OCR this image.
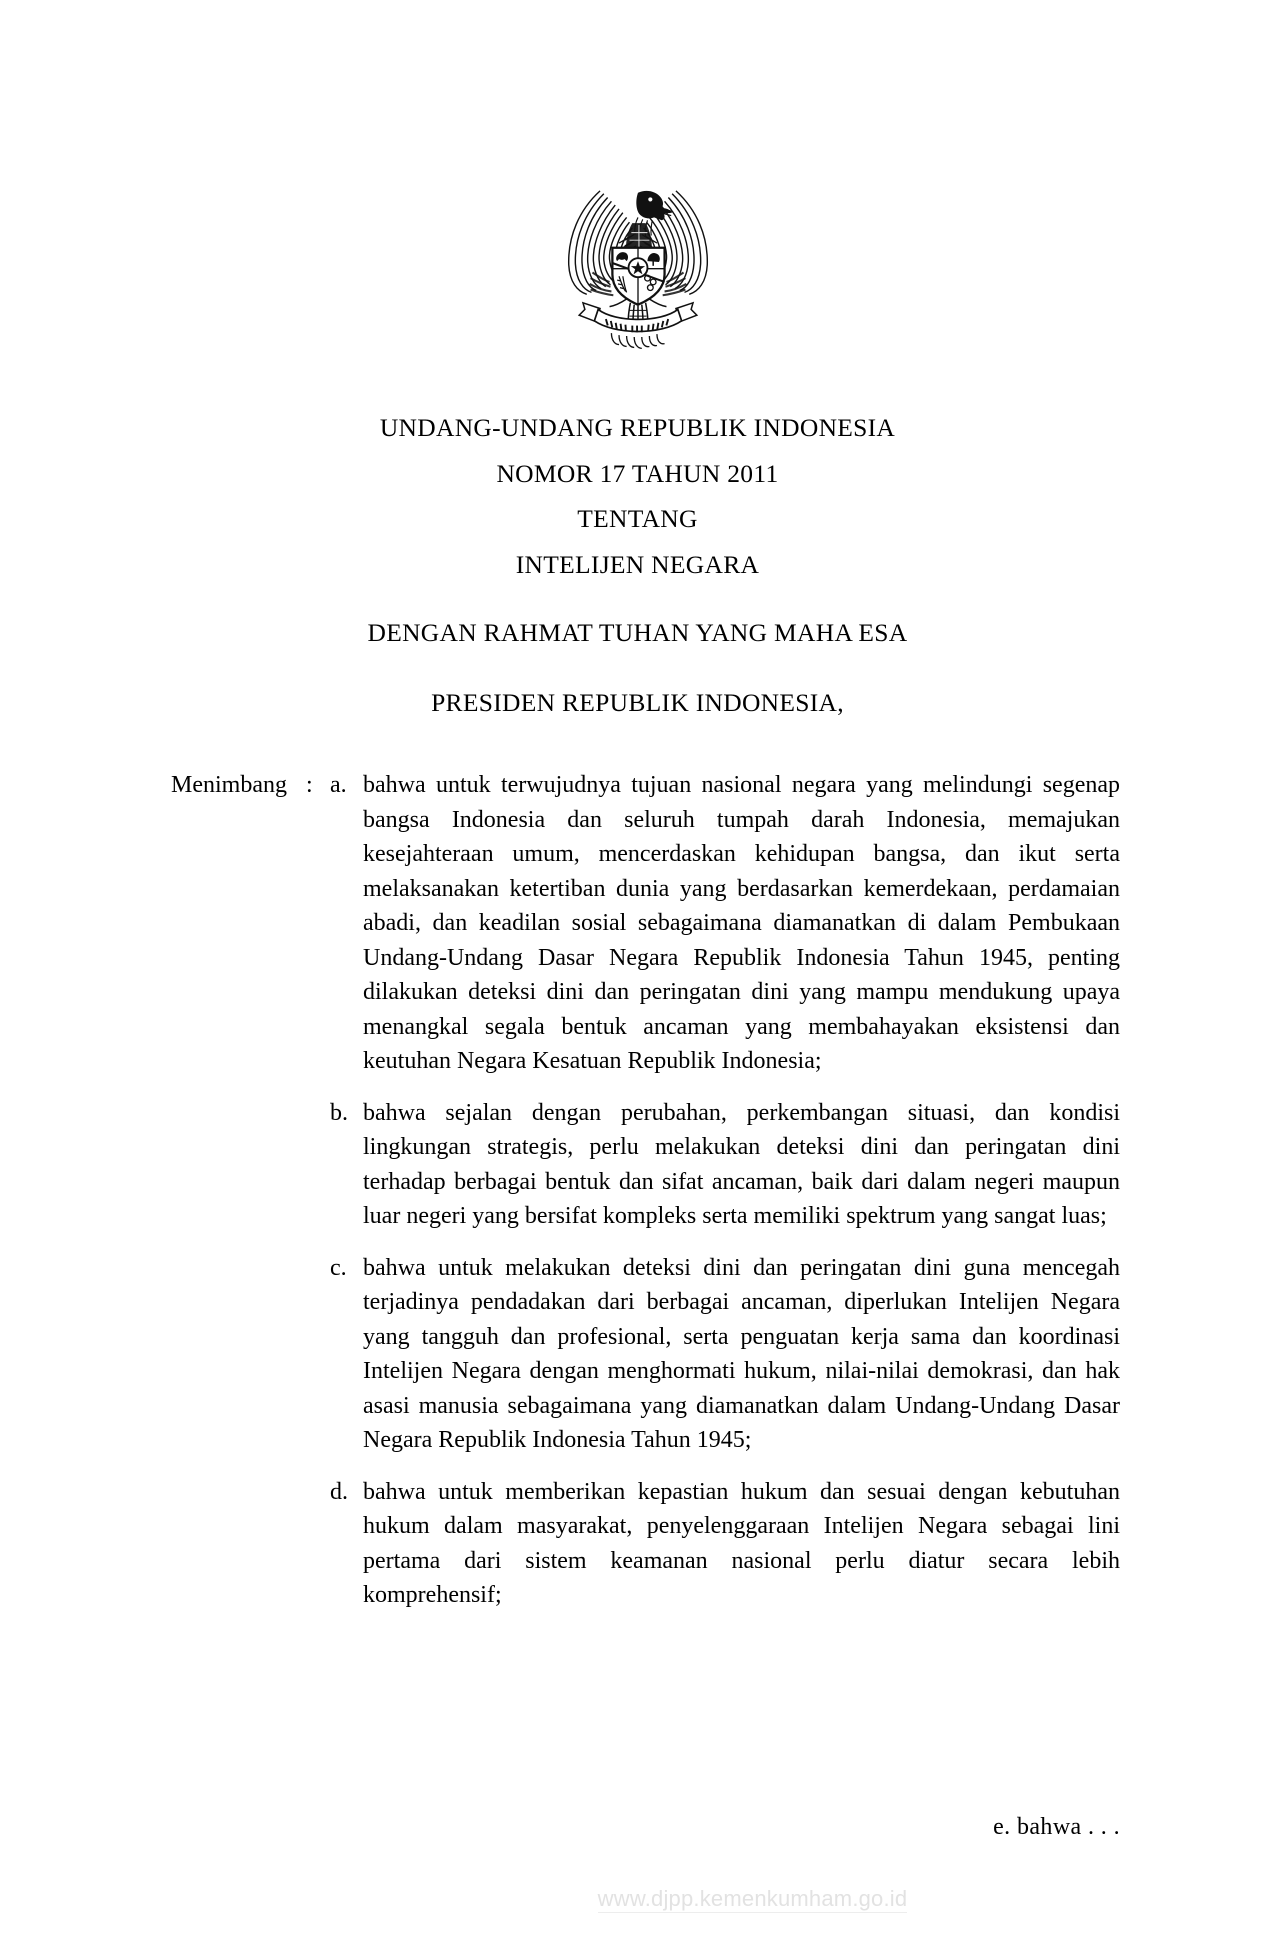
UNDANG-UNDANG REPUBLIK INDONESIA
NOMOR 17 TAHUN 2011
TENTANG
INTELIJEN NEGARA
DENGAN RAHMAT TUHAN YANG MAHA ESA
PRESIDEN REPUBLIK INDONESIA,
Menimbang : a. bahwa untuk terwujudnya tujuan nasional negara yang melindungi segenap bangsa Indonesia dan seluruh tumpah darah Indonesia, memajukan kesejahteraan umum, mencerdaskan kehidupan bangsa, dan ikut serta melaksanakan ketertiban dunia yang berdasarkan kemerdekaan, perdamaian abadi, dan keadilan sosial sebagaimana diamanatkan di dalam Pembukaan Undang-Undang Dasar Negara Republik Indonesia Tahun 1945, penting dilakukan deteksi dini dan peringatan dini yang mampu mendukung upaya menangkal segala bentuk ancaman yang membahayakan eksistensi dan keutuhan Negara Kesatuan Republik Indonesia;
b. bahwa sejalan dengan perubahan, perkembangan situasi, dan kondisi lingkungan strategis, perlu melakukan deteksi dini dan peringatan dini terhadap berbagai bentuk dan sifat ancaman, baik dari dalam negeri maupun luar negeri yang bersifat kompleks serta memiliki spektrum yang sangat luas;
c. bahwa untuk melakukan deteksi dini dan peringatan dini guna mencegah terjadinya pendadakan dari berbagai ancaman, diperlukan Intelijen Negara yang tangguh dan profesional, serta penguatan kerja sama dan koordinasi Intelijen Negara dengan menghormati hukum, nilai-nilai demokrasi, dan hak asasi manusia sebagaimana yang diamanatkan dalam Undang-Undang Dasar Negara Republik Indonesia Tahun 1945;
d. bahwa untuk memberikan kepastian hukum dan sesuai dengan kebutuhan hukum dalam masyarakat, penyelenggaraan Intelijen Negara sebagai lini pertama dari sistem keamanan nasional perlu diatur secara lebih komprehensif;
e. bahwa . . .
www.djpp.kemenkumham.go.id
